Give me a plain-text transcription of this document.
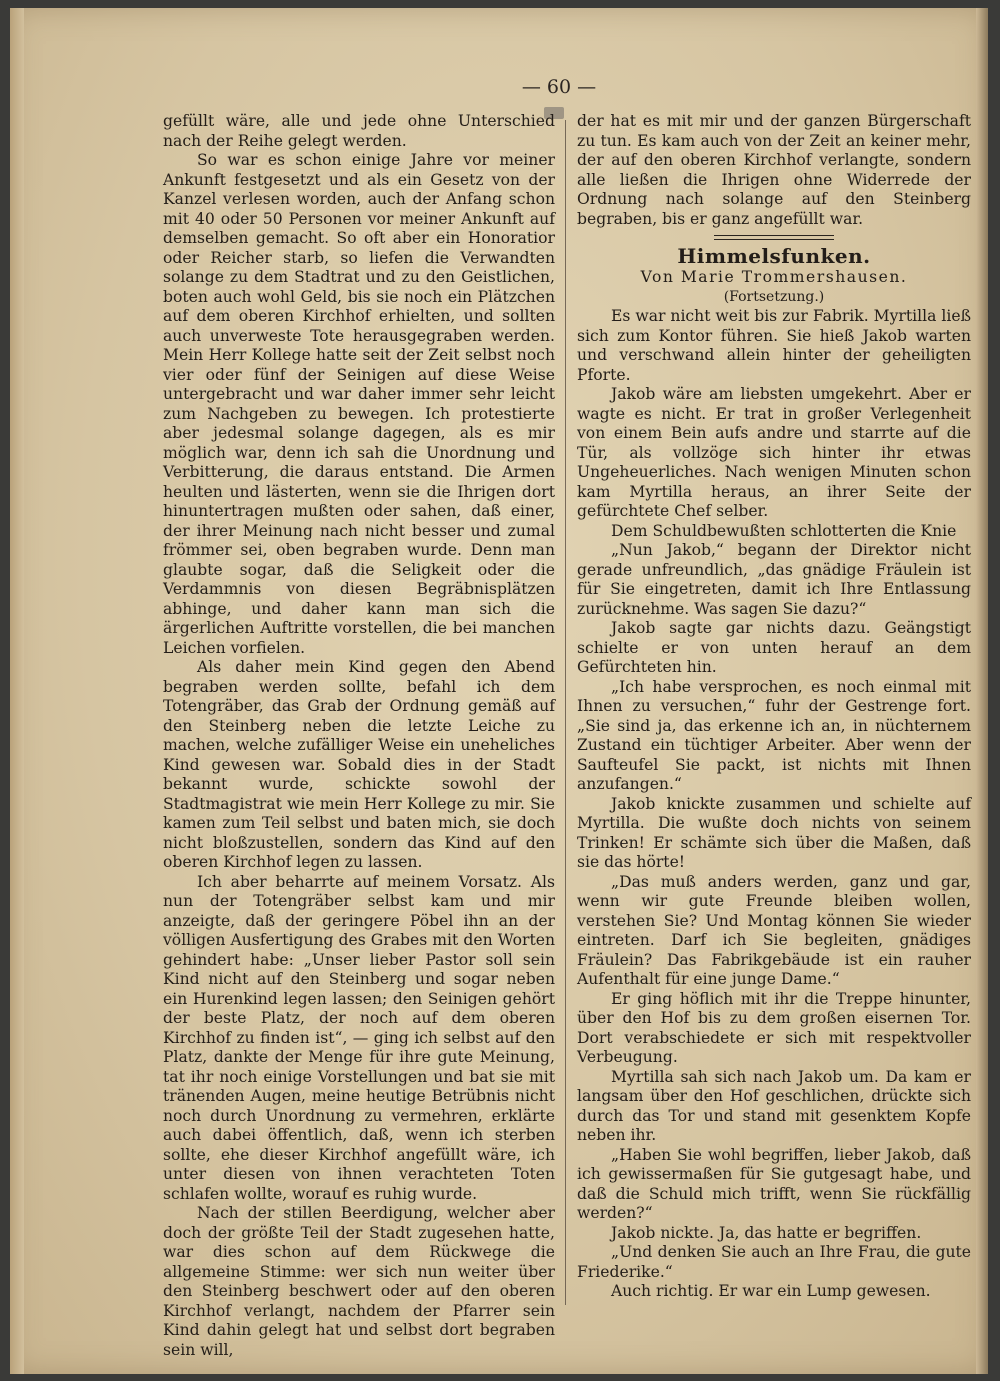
— 60 —

gefüllt wäre, alle und jede ohne Unterschied nach der Reihe gelegt werden.

So war es schon einige Jahre vor meiner Ankunft festgesetzt und als ein Gesetz von der Kanzel verlesen worden, auch der Anfang schon mit 40 oder 50 Personen vor meiner Ankunft auf demselben gemacht. So oft aber ein Honoratior oder Reicher starb, so liefen die Verwandten solange zu dem Stadtrat und zu den Geistlichen, boten auch wohl Geld, bis sie noch ein Plätzchen auf dem oberen Kirchhof erhielten, und sollten auch unverweste Tote herausgegraben werden. Mein Herr Kollege hatte seit der Zeit selbst noch vier oder fünf der Seinigen auf diese Weise untergebracht und war daher immer sehr leicht zum Nachgeben zu bewegen. Ich protestierte aber jedesmal solange dagegen, als es mir möglich war, denn ich sah die Unordnung und Verbitterung, die daraus entstand. Die Armen heulten und lästerten, wenn sie die Ihrigen dort hinuntertragen mußten oder sahen, daß einer, der ihrer Meinung nach nicht besser und zumal frömmer sei, oben begraben wurde. Denn man glaubte sogar, daß die Seligkeit oder die Verdammnis von diesen Begräbnisplätzen abhinge, und daher kann man sich die ärgerlichen Auftritte vorstellen, die bei manchen Leichen vorfielen.

Als daher mein Kind gegen den Abend begraben werden sollte, befahl ich dem Totengräber, das Grab der Ordnung gemäß auf den Steinberg neben die letzte Leiche zu machen, welche zufälliger Weise ein uneheliches Kind gewesen war. Sobald dies in der Stadt bekannt wurde, schickte sowohl der Stadtmagistrat wie mein Herr Kollege zu mir. Sie kamen zum Teil selbst und baten mich, sie doch nicht bloßzustellen, sondern das Kind auf den oberen Kirchhof legen zu lassen.

Ich aber beharrte auf meinem Vorsatz. Als nun der Totengräber selbst kam und mir anzeigte, daß der geringere Pöbel ihn an der völligen Ausfertigung des Grabes mit den Worten gehindert habe: „Unser lieber Pastor soll sein Kind nicht auf den Steinberg und sogar neben ein Hurenkind legen lassen; den Seinigen gehört der beste Platz, der noch auf dem oberen Kirchhof zu finden ist“, — ging ich selbst auf den Platz, dankte der Menge für ihre gute Meinung, tat ihr noch einige Vorstellungen und bat sie mit tränenden Augen, meine heutige Betrübnis nicht noch durch Unordnung zu vermehren, erklärte auch dabei öffentlich, daß, wenn ich sterben sollte, ehe dieser Kirchhof angefüllt wäre, ich unter diesen von ihnen verachteten Toten schlafen wollte, worauf es ruhig wurde.

Nach der stillen Beerdigung, welcher aber doch der größte Teil der Stadt zugesehen hatte, war dies schon auf dem Rückwege die allgemeine Stimme: wer sich nun weiter über den Steinberg beschwert oder auf den oberen Kirchhof verlangt, nachdem der Pfarrer sein Kind dahin gelegt hat und selbst dort begraben sein will,

der hat es mit mir und der ganzen Bürgerschaft zu tun. Es kam auch von der Zeit an keiner mehr, der auf den oberen Kirchhof verlangte, sondern alle ließen die Ihrigen ohne Widerrede der Ordnung nach solange auf den Steinberg begraben, bis er ganz angefüllt war.

Himmelsfunken.

Von Marie Trommershausen.

(Fortsetzung.)

Es war nicht weit bis zur Fabrik. Myrtilla ließ sich zum Kontor führen. Sie hieß Jakob warten und verschwand allein hinter der geheiligten Pforte.

Jakob wäre am liebsten umgekehrt. Aber er wagte es nicht. Er trat in großer Verlegenheit von einem Bein aufs andre und starrte auf die Tür, als vollzöge sich hinter ihr etwas Ungeheuerliches. Nach wenigen Minuten schon kam Myrtilla heraus, an ihrer Seite der gefürchtete Chef selber.

Dem Schuldbewußten schlotterten die Knie

„Nun Jakob,“ begann der Direktor nicht gerade unfreundlich, „das gnädige Fräulein ist für Sie eingetreten, damit ich Ihre Entlassung zurücknehme. Was sagen Sie dazu?“

Jakob sagte gar nichts dazu. Geängstigt schielte er von unten herauf an dem Gefürchteten hin.

„Ich habe versprochen, es noch einmal mit Ihnen zu versuchen,“ fuhr der Gestrenge fort. „Sie sind ja, das erkenne ich an, in nüchternem Zustand ein tüchtiger Arbeiter. Aber wenn der Saufteufel Sie packt, ist nichts mit Ihnen anzufangen.“

Jakob knickte zusammen und schielte auf Myrtilla. Die wußte doch nichts von seinem Trinken! Er schämte sich über die Maßen, daß sie das hörte!

„Das muß anders werden, ganz und gar, wenn wir gute Freunde bleiben wollen, verstehen Sie? Und Montag können Sie wieder eintreten. Darf ich Sie begleiten, gnädiges Fräulein? Das Fabrikgebäude ist ein rauher Aufenthalt für eine junge Dame.“

Er ging höflich mit ihr die Treppe hinunter, über den Hof bis zu dem großen eisernen Tor. Dort verabschiedete er sich mit respektvoller Verbeugung.

Myrtilla sah sich nach Jakob um. Da kam er langsam über den Hof geschlichen, drückte sich durch das Tor und stand mit gesenktem Kopfe neben ihr.

„Haben Sie wohl begriffen, lieber Jakob, daß ich gewissermaßen für Sie gutgesagt habe, und daß die Schuld mich trifft, wenn Sie rückfällig werden?“

Jakob nickte. Ja, das hatte er begriffen.

„Und denken Sie auch an Ihre Frau, die gute Friederike.“

Auch richtig. Er war ein Lump gewesen.
